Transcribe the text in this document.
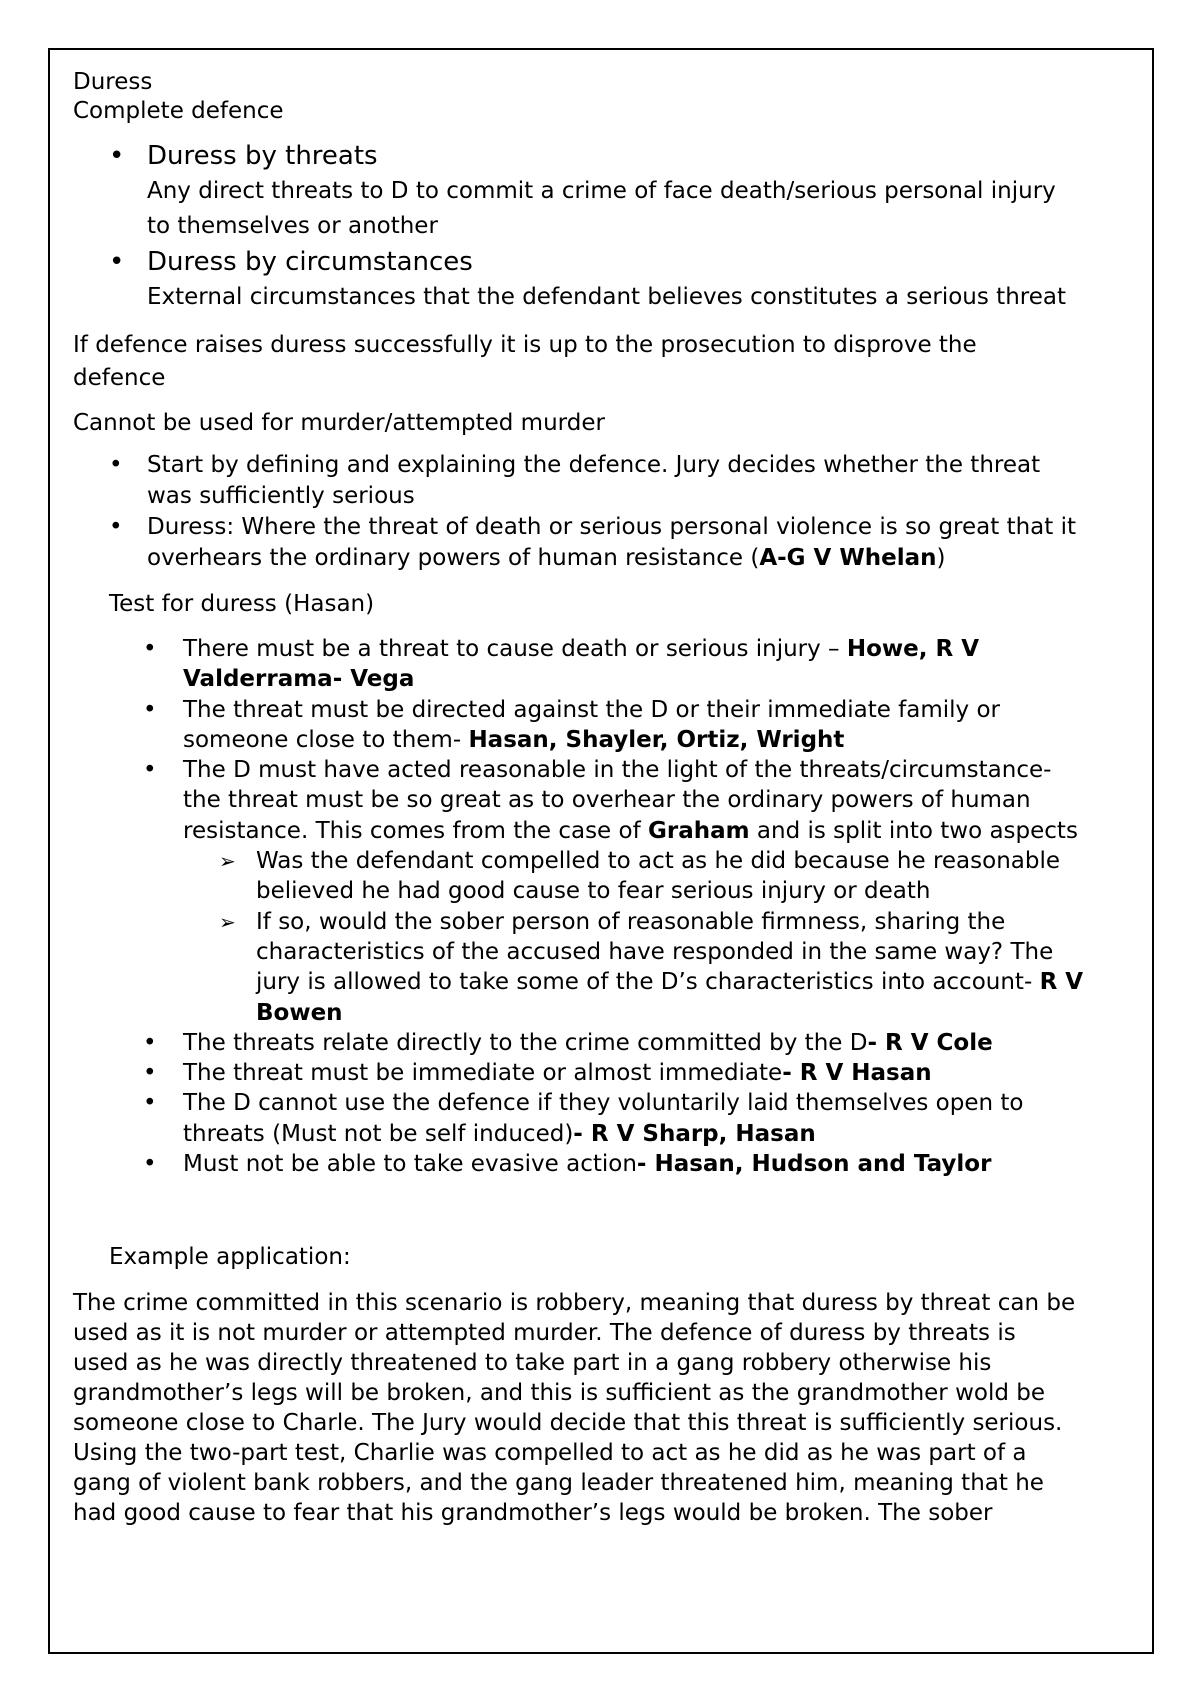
Duress

Complete defence

• Duress by threats
Any direct threats to D to commit a crime of face death/serious personal injury
to themselves or another
• Duress by circumstances
External circumstances that the defendant believes constitutes a serious threat

If defence raises duress successfully it is up to the prosecution to disprove the
defence

Cannot be used for murder/attempted murder

• Start by defining and explaining the defence. Jury decides whether the threat
was sufficiently serious
• Duress: Where the threat of death or serious personal violence is so great that it
overhears the ordinary powers of human resistance (A-G V Whelan)

Test for duress (Hasan)

• There must be a threat to cause death or serious injury – Howe, R V
Valderrama- Vega
• The threat must be directed against the D or their immediate family or
someone close to them- Hasan, Shayler, Ortiz, Wright
• The D must have acted reasonable in the light of the threats/circumstance-
the threat must be so great as to overhear the ordinary powers of human
resistance. This comes from the case of Graham and is split into two aspects
➢ Was the defendant compelled to act as he did because he reasonable
believed he had good cause to fear serious injury or death
➢ If so, would the sober person of reasonable firmness, sharing the
characteristics of the accused have responded in the same way? The
jury is allowed to take some of the D’s characteristics into account- R V
Bowen
• The threats relate directly to the crime committed by the D- R V Cole
• The threat must be immediate or almost immediate- R V Hasan
• The D cannot use the defence if they voluntarily laid themselves open to
threats (Must not be self induced)- R V Sharp, Hasan
• Must not be able to take evasive action- Hasan, Hudson and Taylor

Example application:

The crime committed in this scenario is robbery, meaning that duress by threat can be
used as it is not murder or attempted murder. The defence of duress by threats is
used as he was directly threatened to take part in a gang robbery otherwise his
grandmother’s legs will be broken, and this is sufficient as the grandmother wold be
someone close to Charle. The Jury would decide that this threat is sufficiently serious.
Using the two-part test, Charlie was compelled to act as he did as he was part of a
gang of violent bank robbers, and the gang leader threatened him, meaning that he
had good cause to fear that his grandmother’s legs would be broken. The sober
